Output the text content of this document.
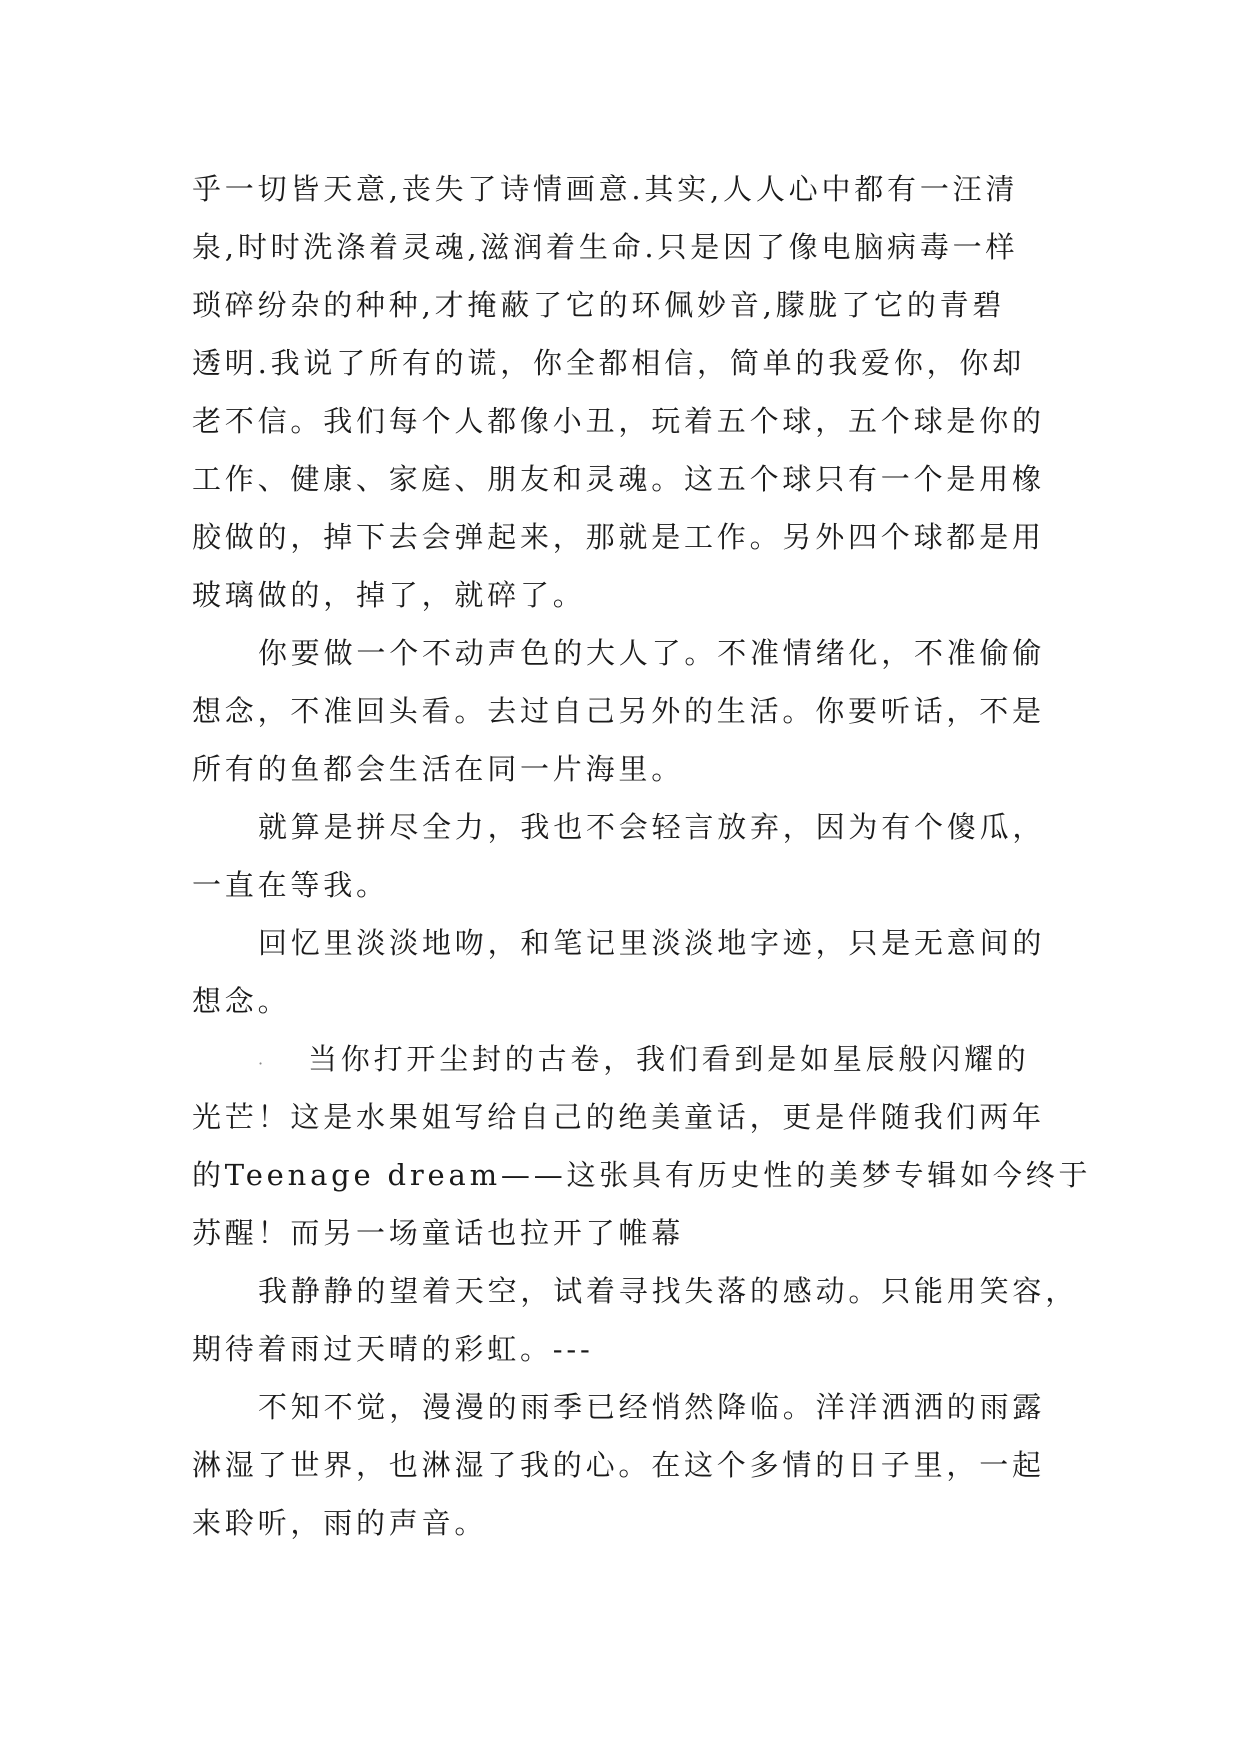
乎一切皆天意,丧失了诗情画意.其实,人人心中都有一汪清
泉,时时洗涤着灵魂,滋润着生命.只是因了像电脑病毒一样
琐碎纷杂的种种,才掩蔽了它的环佩妙音,朦胧了它的青碧
透明.我说了所有的谎，你全都相信，简单的我爱你，你却
老不信。我们每个人都像小丑，玩着五个球，五个球是你的
工作、健康、家庭、朋友和灵魂。这五个球只有一个是用橡
胶做的，掉下去会弹起来，那就是工作。另外四个球都是用
玻璃做的，掉了，就碎了。
你要做一个不动声色的大人了。不准情绪化，不准偷偷
想念，不准回头看。去过自己另外的生活。你要听话，不是
所有的鱼都会生活在同一片海里。
就算是拼尽全力，我也不会轻言放弃，因为有个傻瓜，
一直在等我。
回忆里淡淡地吻，和笔记里淡淡地字迹，只是无意间的
想念。
· 当你打开尘封的古卷，我们看到是如星辰般闪耀的
光芒！这是水果姐写给自己的绝美童话，更是伴随我们两年
的Teenage dream——这张具有历史性的美梦专辑如今终于
苏醒！而另一场童话也拉开了帷幕
我静静的望着天空，试着寻找失落的感动。只能用笑容，
期待着雨过天晴的彩虹。---
不知不觉，漫漫的雨季已经悄然降临。洋洋洒洒的雨露
淋湿了世界，也淋湿了我的心。在这个多情的日子里，一起
来聆听，雨的声音。
